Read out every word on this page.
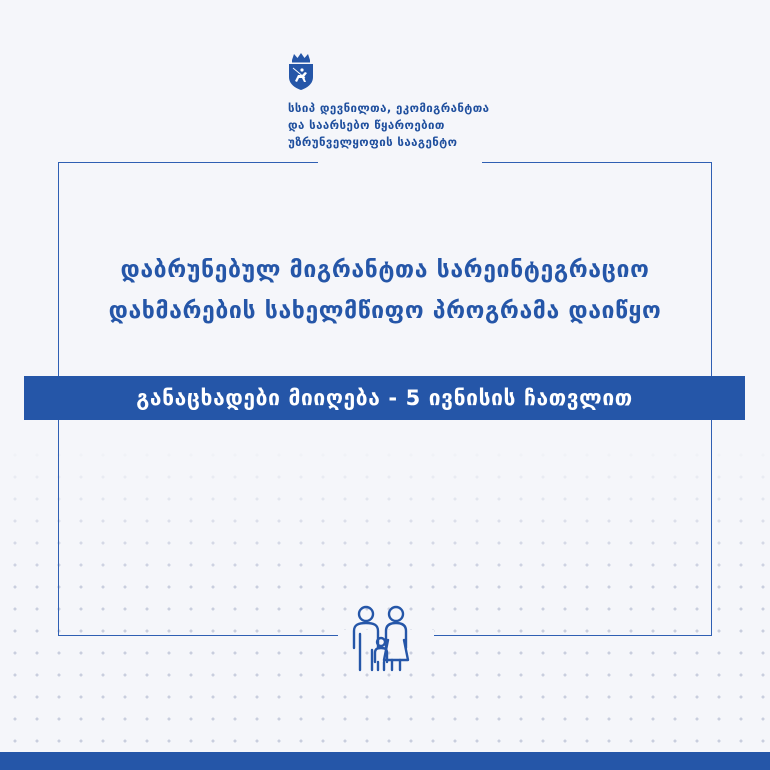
სსიპ დევნილთა, ეკომიგრანტთა
და საარსებო წყაროებით
უზრუნველყოფის სააგენტო
დაბრუნებულ მიგრანტთა სარეინტეგრაციო
დახმარების სახელმწიფო პროგრამა დაიწყო
განაცხადები მიიღება - 5 ივნისის ჩათვლით
